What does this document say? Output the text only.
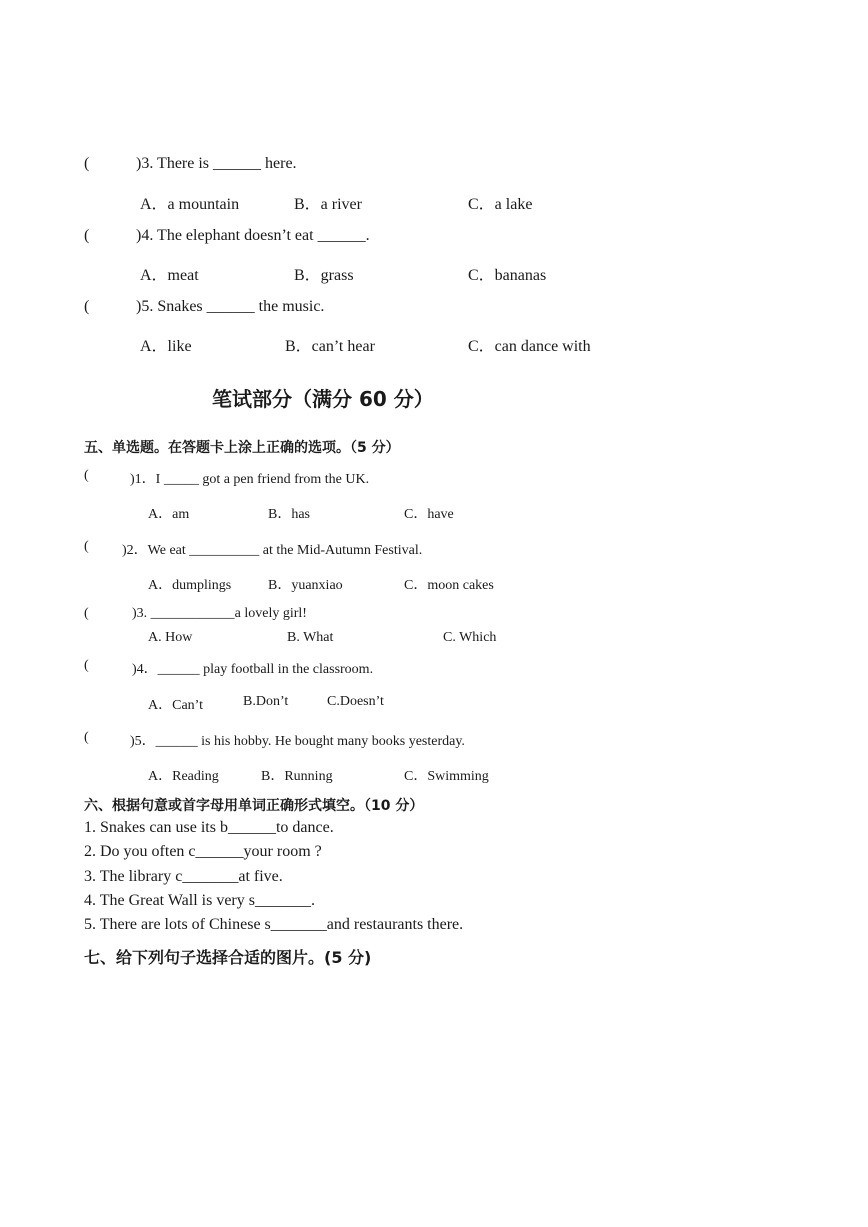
(	)3. There is ______ here.
A．a mountain	B．a river	C．a lake
(	)4. The elephant doesn’t eat ______.
A．meat	B．grass	C．bananas
(	)5. Snakes ______ the music.
A．like	B．can’t hear	C．can dance with
笔试部分（满分 60 分）
五、单选题。在答题卡上涂上正确的选项。（5 分）
(	)1．I _____ got a pen friend from the UK.
A．am	B．has	C．have
( )2．We eat __________ at the Mid-Autumn Festival.
A．dumplings	B．yuanxiao	C．moon cakes
(	)3. ____________a lovely girl!
A. How	B. What	C. Which
(	)4．______ play football in the classroom.
A．Can’t	B.Don’t	C.Doesn’t
(	)5．______ is his hobby. He bought many books yesterday.
A．Reading	B．Running	C．Swimming
六、根据句意或首字母用单词正确形式填空。（10 分）
1. Snakes can use its b______to dance.
2. Do you often c______your room ?
3. The library c_______at five.
4. The Great Wall is very s_______.
5. There are lots of Chinese s_______and restaurants there.
七、给下列句子选择合适的图片。(5 分)
